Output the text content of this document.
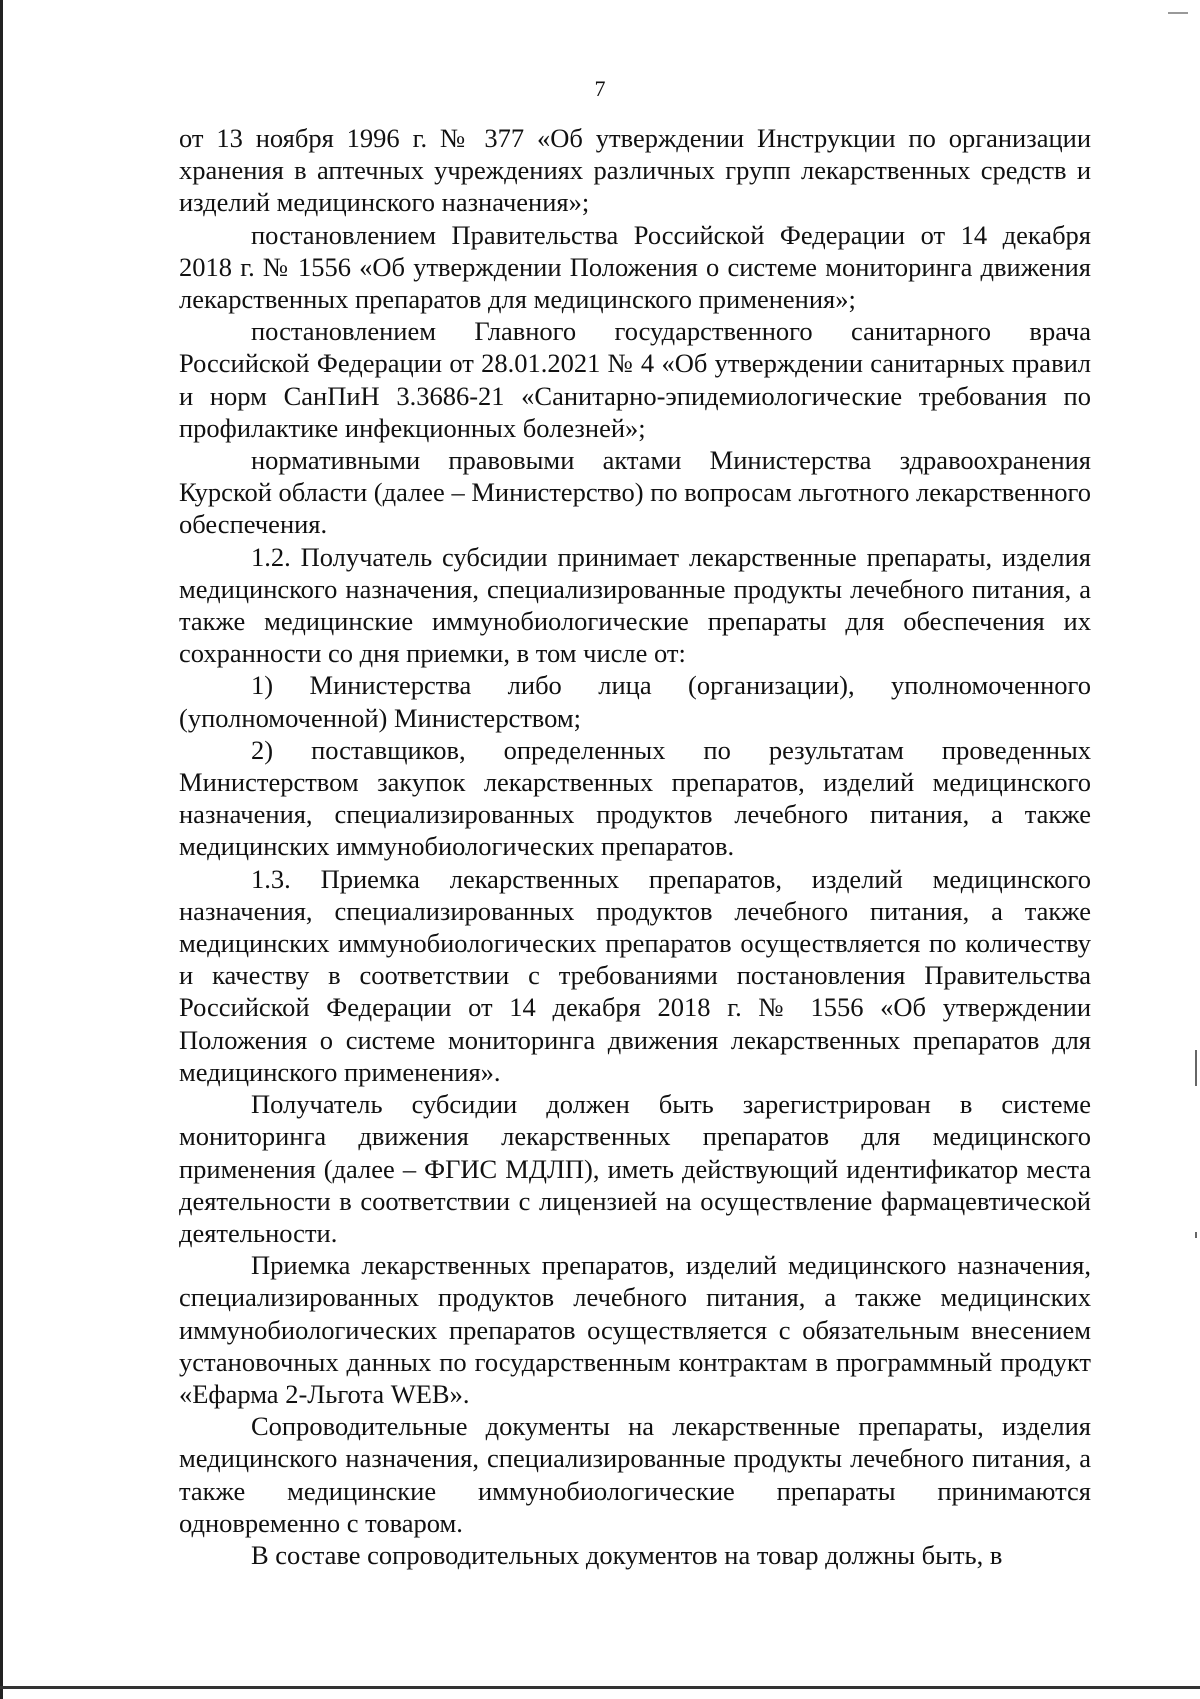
7

от 13 ноября 1996 г. № 377 «Об утверждении Инструкции по организации хранения в аптечных учреждениях различных групп лекарственных средств и изделий медицинского назначения»;

постановлением Правительства Российской Федерации от 14 декабря 2018 г. № 1556 «Об утверждении Положения о системе мониторинга движения лекарственных препаратов для медицинского применения»;

постановлением Главного государственного санитарного врача Российской Федерации от 28.01.2021 № 4 «Об утверждении санитарных правил и норм СанПиН 3.3686-21 «Санитарно-эпидемиологические требования по профилактике инфекционных болезней»;

нормативными правовыми актами Министерства здравоохранения Курской области (далее – Министерство) по вопросам льготного лекарственного обеспечения.

1.2. Получатель субсидии принимает лекарственные препараты, изделия медицинского назначения, специализированные продукты лечебного питания, а также медицинские иммунобиологические препараты для обеспечения их сохранности со дня приемки, в том числе от:

1) Министерства либо лица (организации), уполномоченного (уполномоченной) Министерством;

2) поставщиков, определенных по результатам проведенных Министерством закупок лекарственных препаратов, изделий медицинского назначения, специализированных продуктов лечебного питания, а также медицинских иммунобиологических препаратов.

1.3. Приемка лекарственных препаратов, изделий медицинского назначения, специализированных продуктов лечебного питания, а также медицинских иммунобиологических препаратов осуществляется по количеству и качеству в соответствии с требованиями постановления Правительства Российской Федерации от 14 декабря 2018 г. № 1556 «Об утверждении Положения о системе мониторинга движения лекарственных препаратов для медицинского применения».

Получатель субсидии должен быть зарегистрирован в системе мониторинга движения лекарственных препаратов для медицинского применения (далее – ФГИС МДЛП), иметь действующий идентификатор места деятельности в соответствии с лицензией на осуществление фармацевтической деятельности.

Приемка лекарственных препаратов, изделий медицинского назначения, специализированных продуктов лечебного питания, а также медицинских иммунобиологических препаратов осуществляется с обязательным внесением установочных данных по государственным контрактам в программный продукт «Ефарма 2-Льгота WEB».

Сопроводительные документы на лекарственные препараты, изделия медицинского назначения, специализированные продукты лечебного питания, а также медицинские иммунобиологические препараты принимаются одновременно с товаром.

В составе сопроводительных документов на товар должны быть, в
